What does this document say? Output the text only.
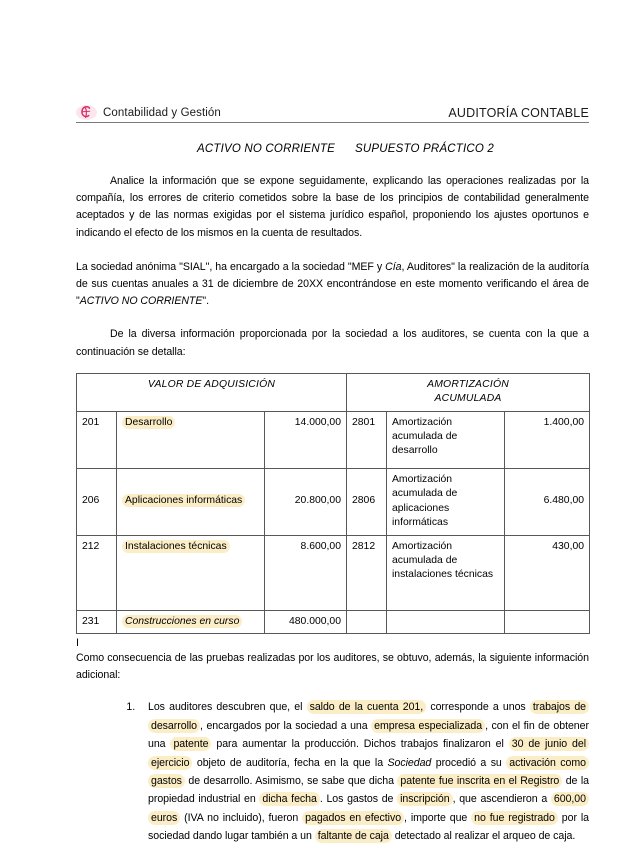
Contabilidad y Gestión	AUDITORÍA CONTABLE
ACTIVO NO CORRIENTE SUPUESTO PRÁCTICO 2

Analice la información que se expone seguidamente, explicando las operaciones realizadas por la compañía, los errores de criterio cometidos sobre la base de los principios de contabilidad generalmente aceptados y de las normas exigidas por el sistema jurídico español, proponiendo los ajustes oportunos e indicando el efecto de los mismos en la cuenta de resultados.

La sociedad anónima "SIAL", ha encargado a la sociedad "MEF y Cía, Auditores" la realización de la auditoría de sus cuentas anuales a 31 de diciembre de 20XX encontrándose en este momento verificando el área de "ACTIVO NO CORRIENTE".

De la diversa información proporcionada por la sociedad a los auditores, se cuenta con la que a continuación se detalla:

VALOR DE ADQUISICIÓN			AMORTIZACIÓN
ACUMULADA		
201	Desarrollo	14.000,00	2801	Amortización acumulada de desarrollo	1.400,00
206	Aplicaciones informáticas	20.800,00	2806	Amortización acumulada de aplicaciones informáticas	6.480,00
212	Instalaciones técnicas	8.600,00	2812	Amortización acumulada de instalaciones técnicas	430,00
231	Construcciones en curso	480.000,00			

I

Como consecuencia de las pruebas realizadas por los auditores, se obtuvo, además, la siguiente información adicional:

1. Los auditores descubren que, el saldo de la cuenta 201, corresponde a unos trabajos de desarrollo , encargados por la sociedad a una empresa especializada , con el fin de obtener una patente para aumentar la producción. Dichos trabajos finalizaron el 30 de junio del ejercicio objeto de auditoría, fecha en la que la Sociedad procedió a su activación como gastos de desarrollo. Asimismo, se sabe que dicha patente fue inscrita en el Registro de la propiedad industrial en dicha fecha . Los gastos de inscripción , que ascendieron a 600,00 euros (IVA no incluido), fueron pagados en efectivo , importe que no fue registrado por la sociedad dando lugar también a un faltante de caja detectado al realizar el arqueo de caja.
